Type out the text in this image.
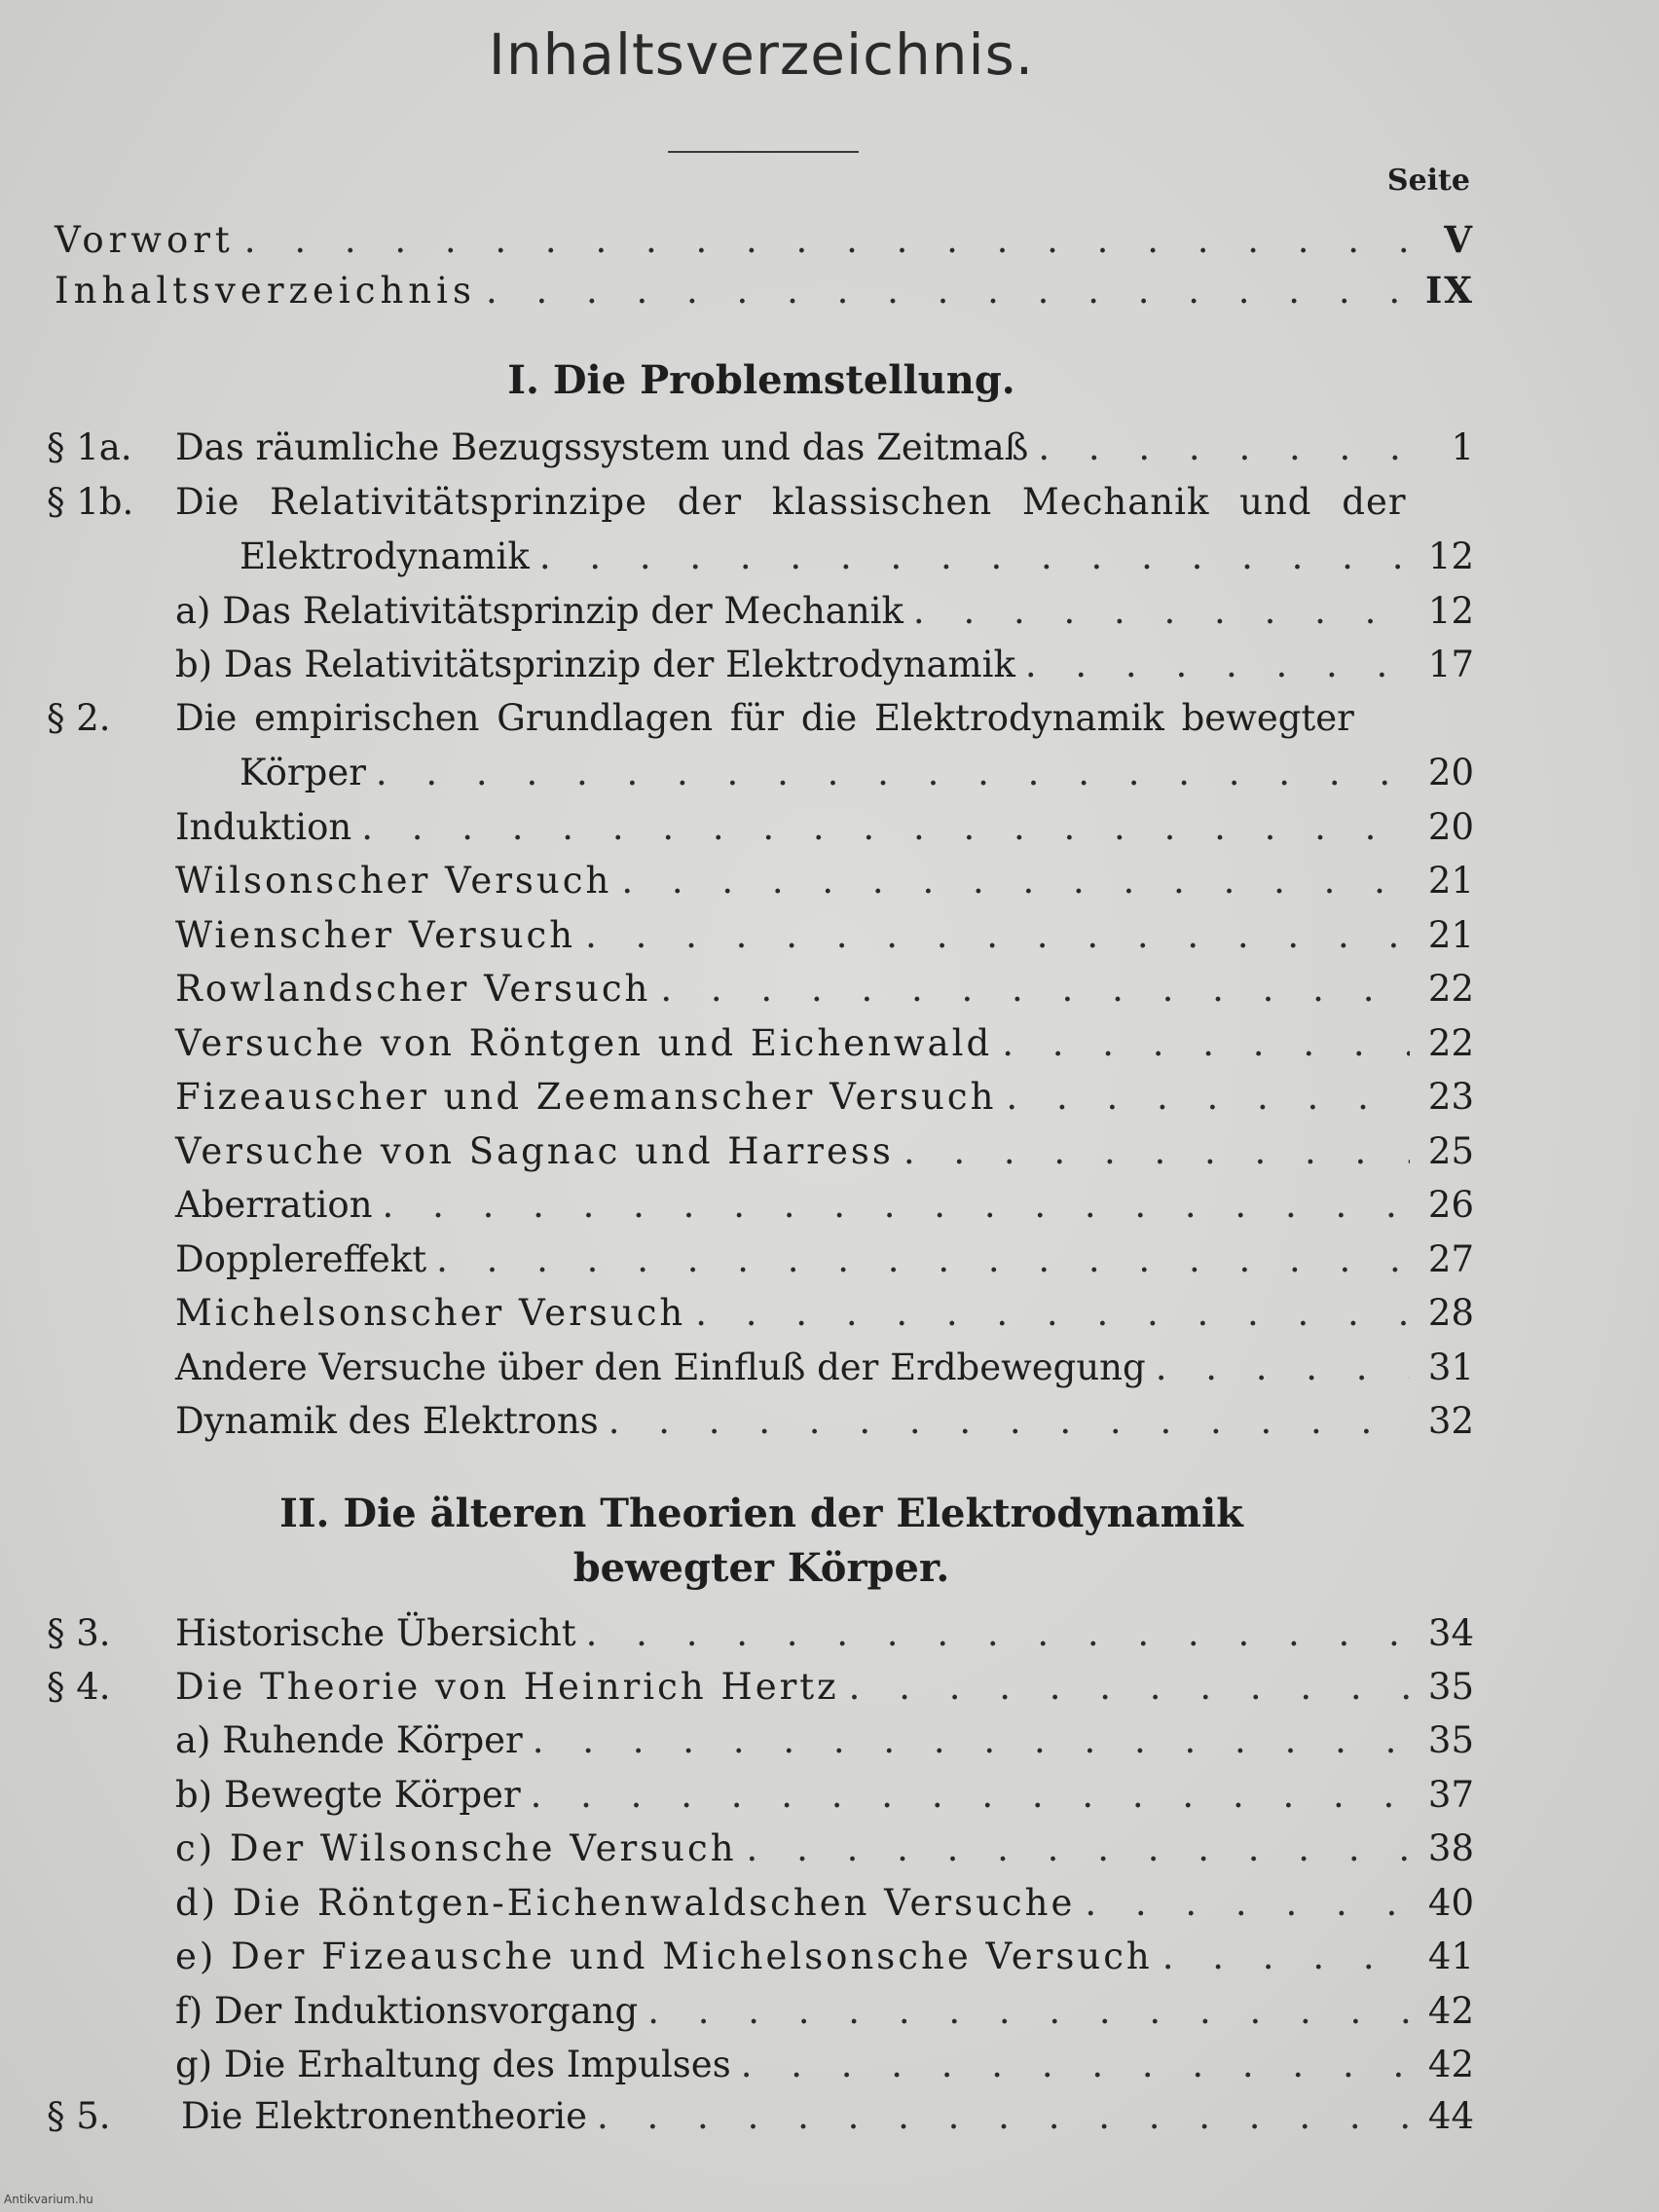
Inhaltsverzeichnis.
Seite
Vorwort . . .	V
Inhaltsverzeichnis . . .	IX
I. Die Problemstellung.
§ 1a. Das räumliche Bezugssystem und das Zeitmaß . . .	1
§ 1b. Die Relativitätsprinzipe der klassischen Mechanik und der
Elektrodynamik . . .	12
a) Das Relativitätsprinzip der Mechanik . . .	12
b) Das Relativitätsprinzip der Elektrodynamik . . .	17
§ 2. Die empirischen Grundlagen für die Elektrodynamik bewegter
Körper . . .	20
Induktion . . .	20
Wilsonscher Versuch . . .	21
Wienscher Versuch . . .	21
Rowlandscher Versuch . . .	22
Versuche von Röntgen und Eichenwald . . .	22
Fizeauscher und Zeemanscher Versuch . . .	23
Versuche von Sagnac und Harress . . .	25
Aberration . . .	26
Dopplereffekt . . .	27
Michelsonscher Versuch . . .	28
Andere Versuche über den Einfluß der Erdbewegung . . .	31
Dynamik des Elektrons . . .	32
II. Die älteren Theorien der Elektrodynamik
bewegter Körper.
§ 3. Historische Übersicht . . .	34
§ 4. Die Theorie von Heinrich Hertz . . .	35
a) Ruhende Körper . . .	35
b) Bewegte Körper . . .	37
c) Der Wilsonsche Versuch . . .	38
d) Die Röntgen-Eichenwaldschen Versuche . . .	40
e) Der Fizeausche und Michelsonsche Versuch . . .	41
f) Der Induktionsvorgang . . .	42
g) Die Erhaltung des Impulses . . .	42
§ 5. Die Elektronentheorie . . .	44
Antikvarium.hu
